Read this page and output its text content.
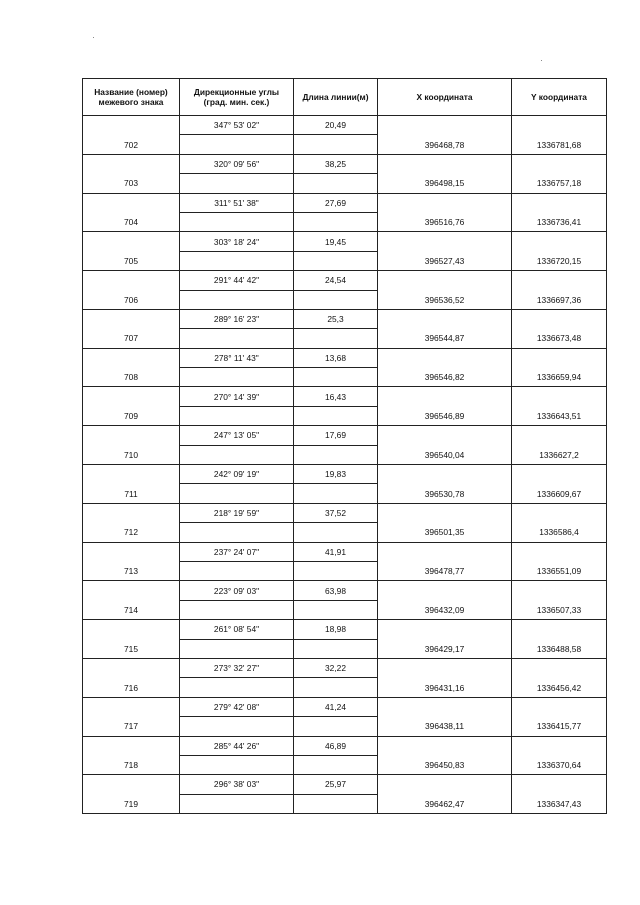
Название (номер) межевого знака	Дирекционные углы (град. мин. сек.)	Длина линии(м)	X координата	Y координата
	347° 53' 02"	20,49		
702			396468,78	1336781,68
	320° 09' 56"	38,25		
703			396498,15	1336757,18
	311° 51' 38"	27,69		
704			396516,76	1336736,41
	303° 18' 24"	19,45		
705			396527,43	1336720,15
	291° 44' 42"	24,54		
706			396536,52	1336697,36
	289° 16' 23"	25,3		
707			396544,87	1336673,48
	278° 11' 43"	13,68		
708			396546,82	1336659,94
	270° 14' 39"	16,43		
709			396546,89	1336643,51
	247° 13' 05"	17,69		
710			396540,04	1336627,2
	242° 09' 19"	19,83		
711			396530,78	1336609,67
	218° 19' 59"	37,52		
712			396501,35	1336586,4
	237° 24' 07"	41,91		
713			396478,77	1336551,09
	223° 09' 03"	63,98		
714			396432,09	1336507,33
	261° 08' 54"	18,98		
715			396429,17	1336488,58
	273° 32' 27"	32,22		
716			396431,16	1336456,42
	279° 42' 08"	41,24		
717			396438,11	1336415,77
	285° 44' 26"	46,89		
718			396450,83	1336370,64
	296° 38' 03"	25,97		
719			396462,47	1336347,43
